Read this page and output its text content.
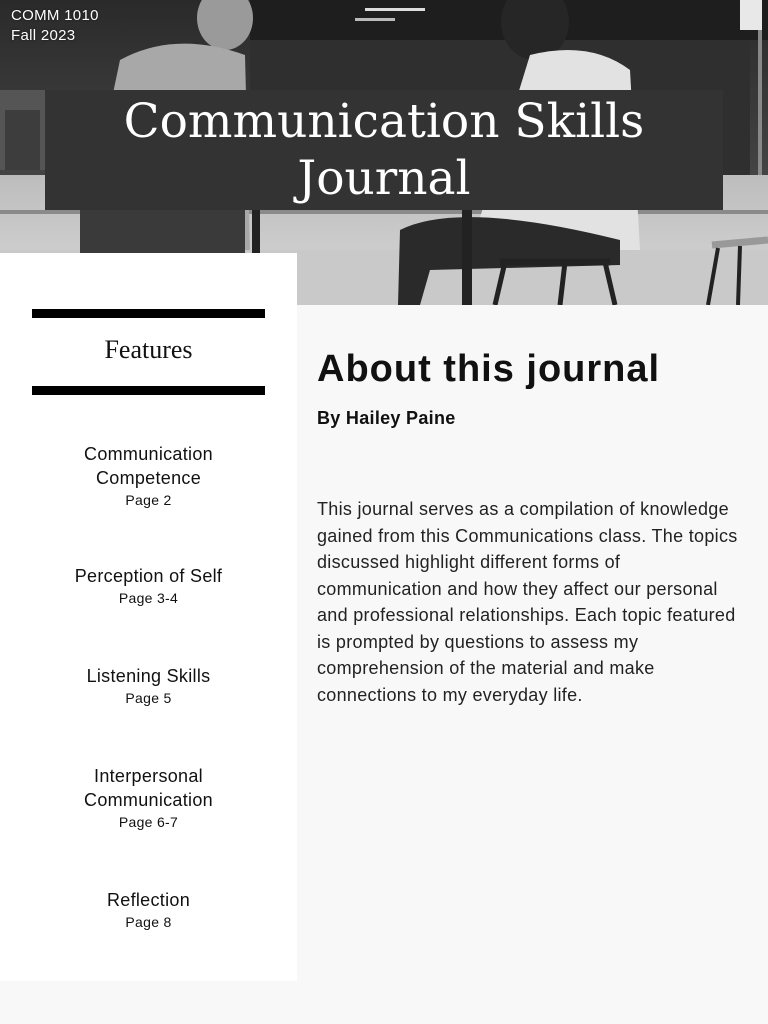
COMM 1010
Fall 2023
Communication Skills Journal
Features
Communication Competence
Page 2
Perception of Self
Page 3-4
Listening Skills
Page 5
Interpersonal Communication
Page 6-7
Reflection
Page 8
About this journal

By Hailey Paine

This journal serves as a compilation of knowledge gained from this Communications class. The topics discussed highlight different forms of communication and how they affect our personal and professional relationships. Each topic featured is prompted by questions to assess my comprehension of the material and make connections to my everyday life.
